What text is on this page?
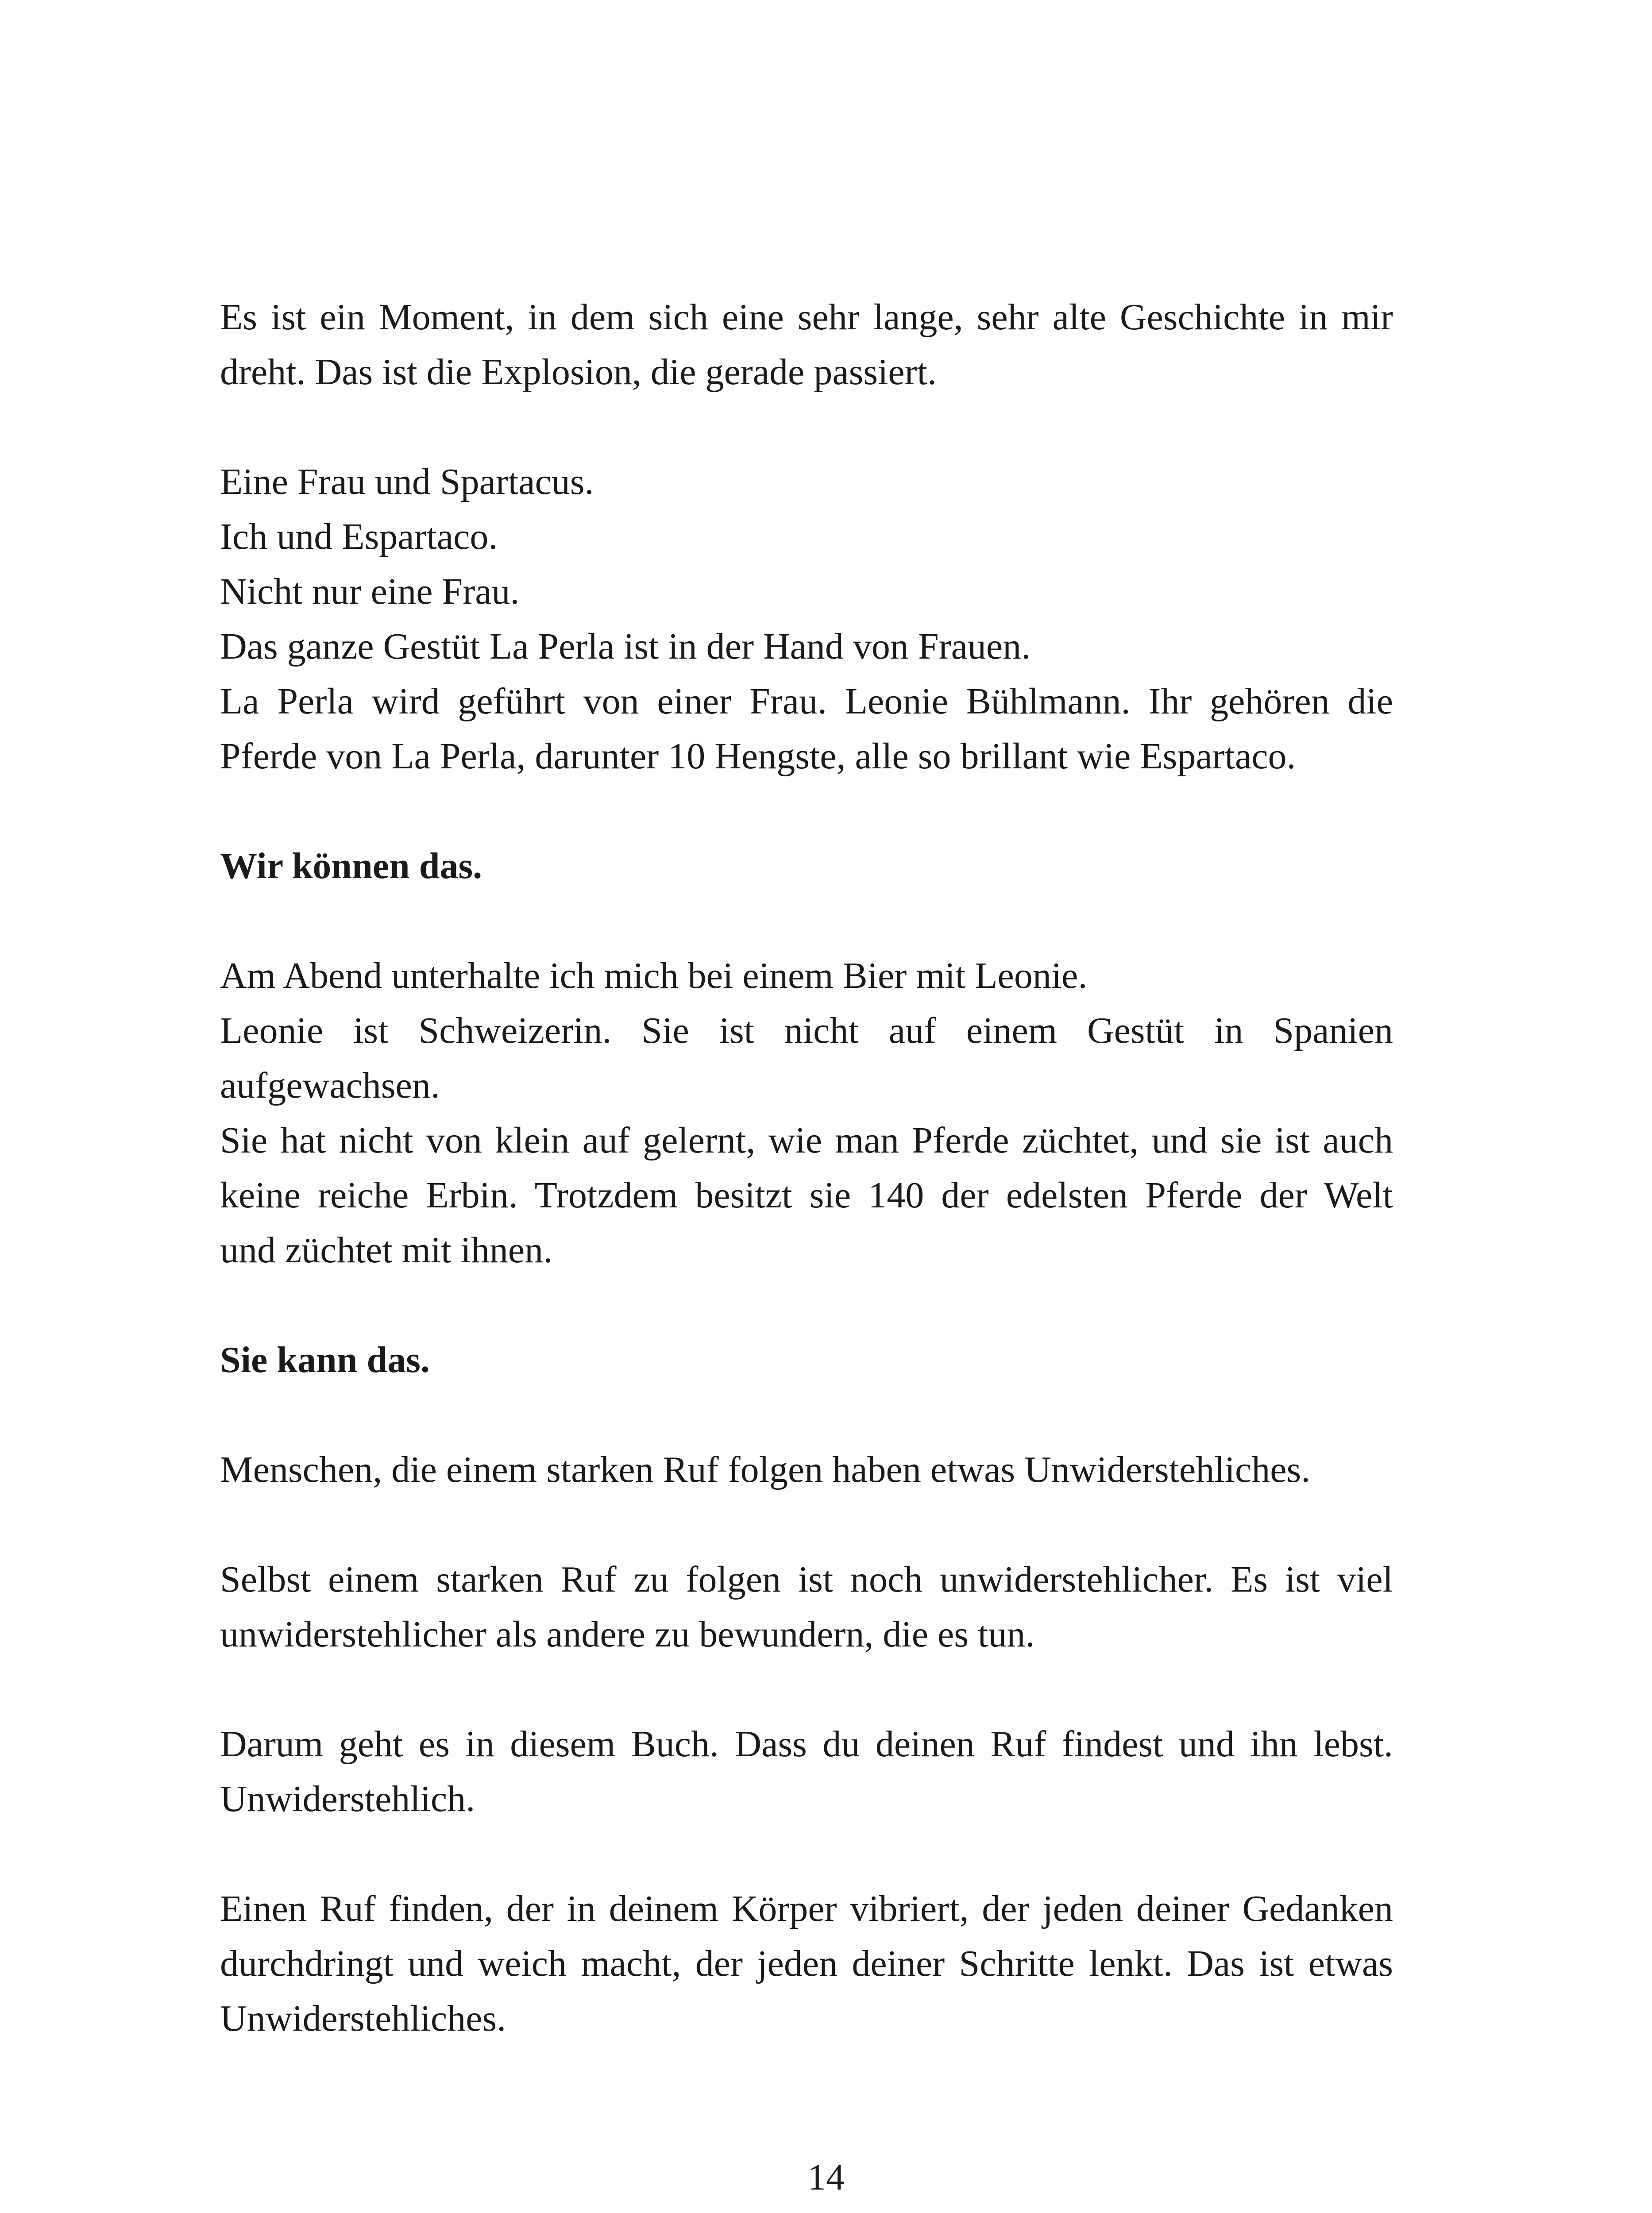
Es ist ein Moment, in dem sich eine sehr lange, sehr alte Geschichte in mir
dreht. Das ist die Explosion, die gerade passiert.

Eine Frau und Spartacus.
Ich und Espartaco.
Nicht nur eine Frau.
Das ganze Gestüt La Perla ist in der Hand von Frauen.
La Perla wird geführt von einer Frau. Leonie Bühlmann. Ihr gehören die
Pferde von La Perla, darunter 10 Hengste, alle so brillant wie Espartaco.

Wir können das.

Am Abend unterhalte ich mich bei einem Bier mit Leonie.
Leonie ist Schweizerin. Sie ist nicht auf einem Gestüt in Spanien aufgewachsen.
Sie hat nicht von klein auf gelernt, wie man Pferde züchtet, und sie ist auch
keine reiche Erbin. Trotzdem besitzt sie 140 der edelsten Pferde der Welt
und züchtet mit ihnen.

Sie kann das.

Menschen, die einem starken Ruf folgen haben etwas Unwiderstehliches.

Selbst einem starken Ruf zu folgen ist noch unwiderstehlicher. Es ist viel
unwiderstehlicher als andere zu bewundern, die es tun.

Darum geht es in diesem Buch. Dass du deinen Ruf findest und ihn lebst.
Unwiderstehlich.

Einen Ruf finden, der in deinem Körper vibriert, der jeden deiner Gedanken
durchdringt und weich macht, der jeden deiner Schritte lenkt. Das ist etwas
Unwiderstehliches.

14
